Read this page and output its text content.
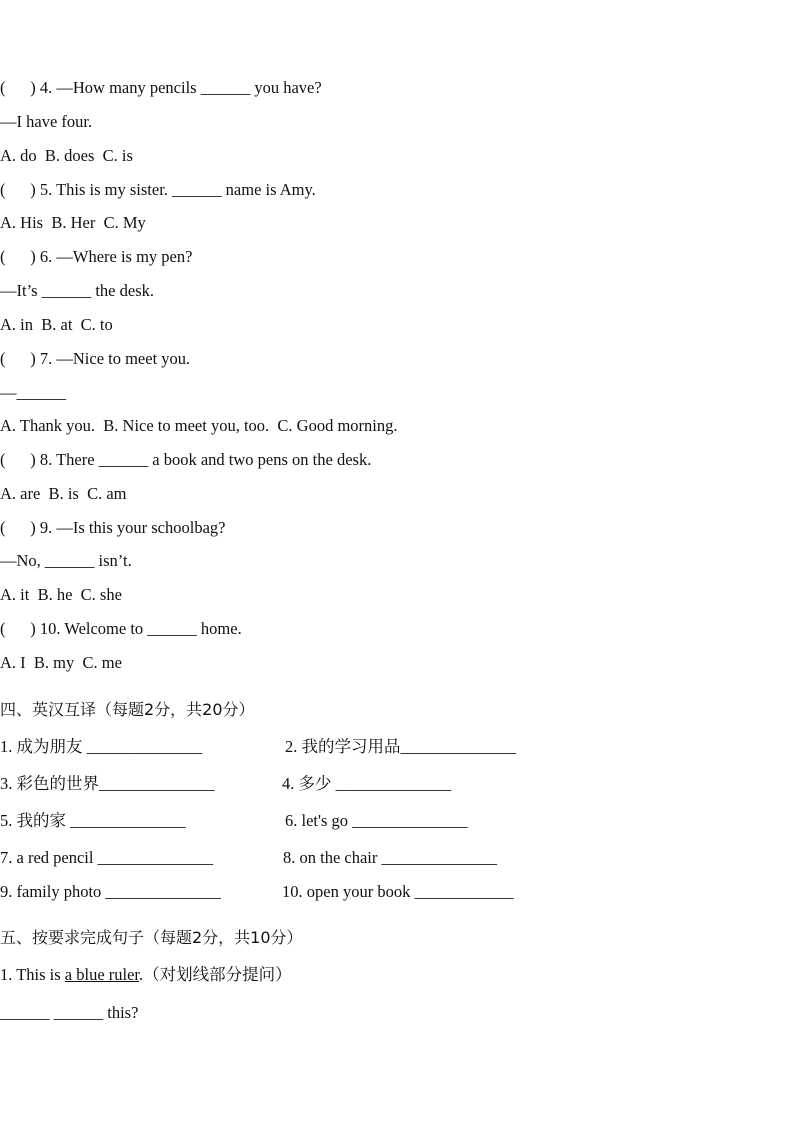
(      ) 4. —How many pencils ______ you have?
—I have four.
A. do  B. does  C. is
(      ) 5. This is my sister. ______ name is Amy.
A. His  B. Her  C. My
(      ) 6. —Where is my pen?
—It’s ______ the desk.
A. in  B. at  C. to
(      ) 7. —Nice to meet you.
—______
A. Thank you.  B. Nice to meet you, too.  C. Good morning.
(      ) 8. There ______ a book and two pens on the desk.
A. are  B. is  C. am
(      ) 9. —Is this your schoolbag?
—No, ______ isn’t.
A. it  B. he  C. she
(      ) 10. Welcome to ______ home.
A. I  B. my  C. me
四、英汉互译（每题2分，共20分）
1. 成为朋友 ______________	2. 我的学习用品______________
3. 彩色的世界______________	4. 多少 ______________
5. 我的家 ______________	6. let's go ______________
7. a red pencil ______________	8. on the chair ______________
9. family photo ______________	10. open your book ____________
五、按要求完成句子（每题2分，共10分）
1. This is a blue ruler.（对划线部分提问）
______ ______ this?
